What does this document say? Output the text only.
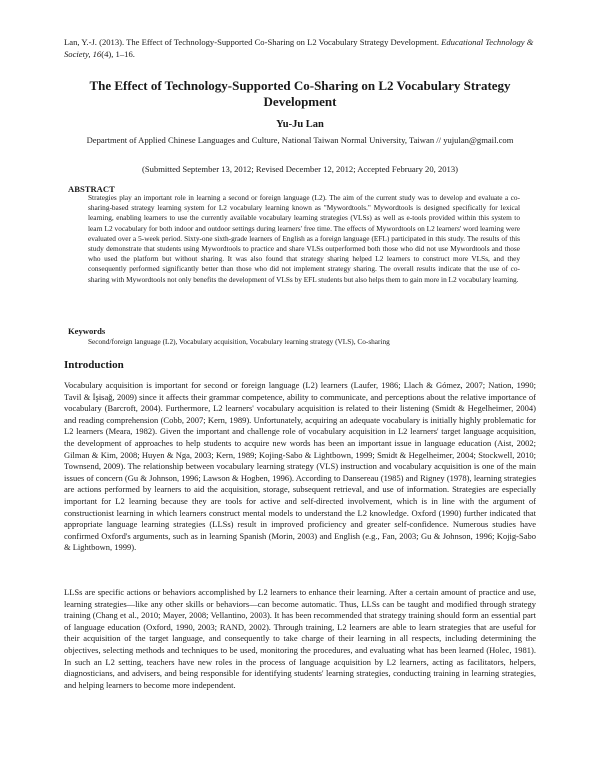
Lan, Y.-J. (2013). The Effect of Technology-Supported Co-Sharing on L2 Vocabulary Strategy Development. Educational Technology & Society, 16(4), 1–16.
The Effect of Technology-Supported Co-Sharing on L2 Vocabulary Strategy Development
Yu-Ju Lan
Department of Applied Chinese Languages and Culture, National Taiwan Normal University, Taiwan // yujulan@gmail.com
(Submitted September 13, 2012; Revised December 12, 2012; Accepted February 20, 2013)
ABSTRACT

Strategies play an important role in learning a second or foreign language (L2). The aim of the current study was to develop and evaluate a co-sharing-based strategy learning system for L2 vocabulary learning known as "Mywordtools." Mywordtools is designed specifically for lexical learning, enabling learners to use the currently available vocabulary learning strategies (VLSs) as well as e-tools provided within this system to learn L2 vocabulary for both indoor and outdoor settings during learners' free time. The effects of Mywordtools on L2 learners' word learning were evaluated over a 5-week period. Sixty-one sixth-grade learners of English as a foreign language (EFL) participated in this study. The results of this study demonstrate that students using Mywordtools to practice and share VLSs outperformed both those who did not use Mywordtools and those who used the platform but without sharing. It was also found that strategy sharing helped L2 learners to construct more VLSs, and they consequently performed significantly better than those who did not implement strategy sharing. The overall results indicate that the use of co-sharing with Mywordtools not only benefits the development of VLSs by EFL students but also helps them to gain more in L2 vocabulary learning.

Keywords
Second/foreign language (L2), Vocabulary acquisition, Vocabulary learning strategy (VLS), Co-sharing
Introduction

Vocabulary acquisition is important for second or foreign language (L2) learners (Laufer, 1986; Llach & Gómez, 2007; Nation, 1990; Tavil & İşisağ, 2009) since it affects their grammar competence, ability to communicate, and perceptions about the relative importance of vocabulary (Barcroft, 2004). Furthermore, L2 learners' vocabulary acquisition is related to their listening (Smidt & Hegelheimer, 2004) and reading comprehension (Cobb, 2007; Kern, 1989). Unfortunately, acquiring an adequate vocabulary is initially highly problematic for L2 learners (Meara, 1982). Given the important and challenge role of vocabulary acquisition in L2 learners' target language acquisition, the development of approaches to help students to acquire new words has been an important issue in language education (Aist, 2002; Gilman & Kim, 2008; Huyen & Nga, 2003; Kern, 1989; Kojing-Sabo & Lightbown, 1999; Smidt & Hegelheimer, 2004; Stockwell, 2010; Townsend, 2009). The relationship between vocabulary learning strategy (VLS) instruction and vocabulary acquisition is one of the main issues of concern (Gu & Johnson, 1996; Lawson & Hogben, 1996). According to Dansereau (1985) and Rigney (1978), learning strategies are actions performed by learners to aid the acquisition, storage, subsequent retrieval, and use of information. Strategies are especially important for L2 learning because they are tools for active and self-directed involvement, which is in line with the argument of constructionist learning in which learners construct mental models to understand the L2 knowledge. Oxford (1990) further indicated that appropriate language learning strategies (LLSs) result in improved proficiency and greater self-confidence. Numerous studies have confirmed Oxford's arguments, such as in learning Spanish (Morin, 2003) and English (e.g., Fan, 2003; Gu & Johnson, 1996; Kojig-Sabo & Lightbown, 1999).

LLSs are specific actions or behaviors accomplished by L2 learners to enhance their learning. After a certain amount of practice and use, learning strategies—like any other skills or behaviors—can become automatic. Thus, LLSs can be taught and modified through strategy training (Chang et al., 2010; Mayer, 2008; Vellantino, 2003). It has been recommended that strategy training should form an essential part of language education (Oxford, 1990, 2003; RAND, 2002). Through training, L2 learners are able to learn strategies that are useful for their acquisition of the target language, and consequently to take charge of their learning in all respects, including determining the objectives, selecting methods and techniques to be used, monitoring the procedures, and evaluating what has been learned (Holec, 1981). In such an L2 setting, teachers have new roles in the process of language acquisition by L2 learners, acting as facilitators, helpers, diagnosticians, and advisers, and being responsible for identifying students' learning strategies, conducting training in learning strategies, and helping learners to become more independent.
